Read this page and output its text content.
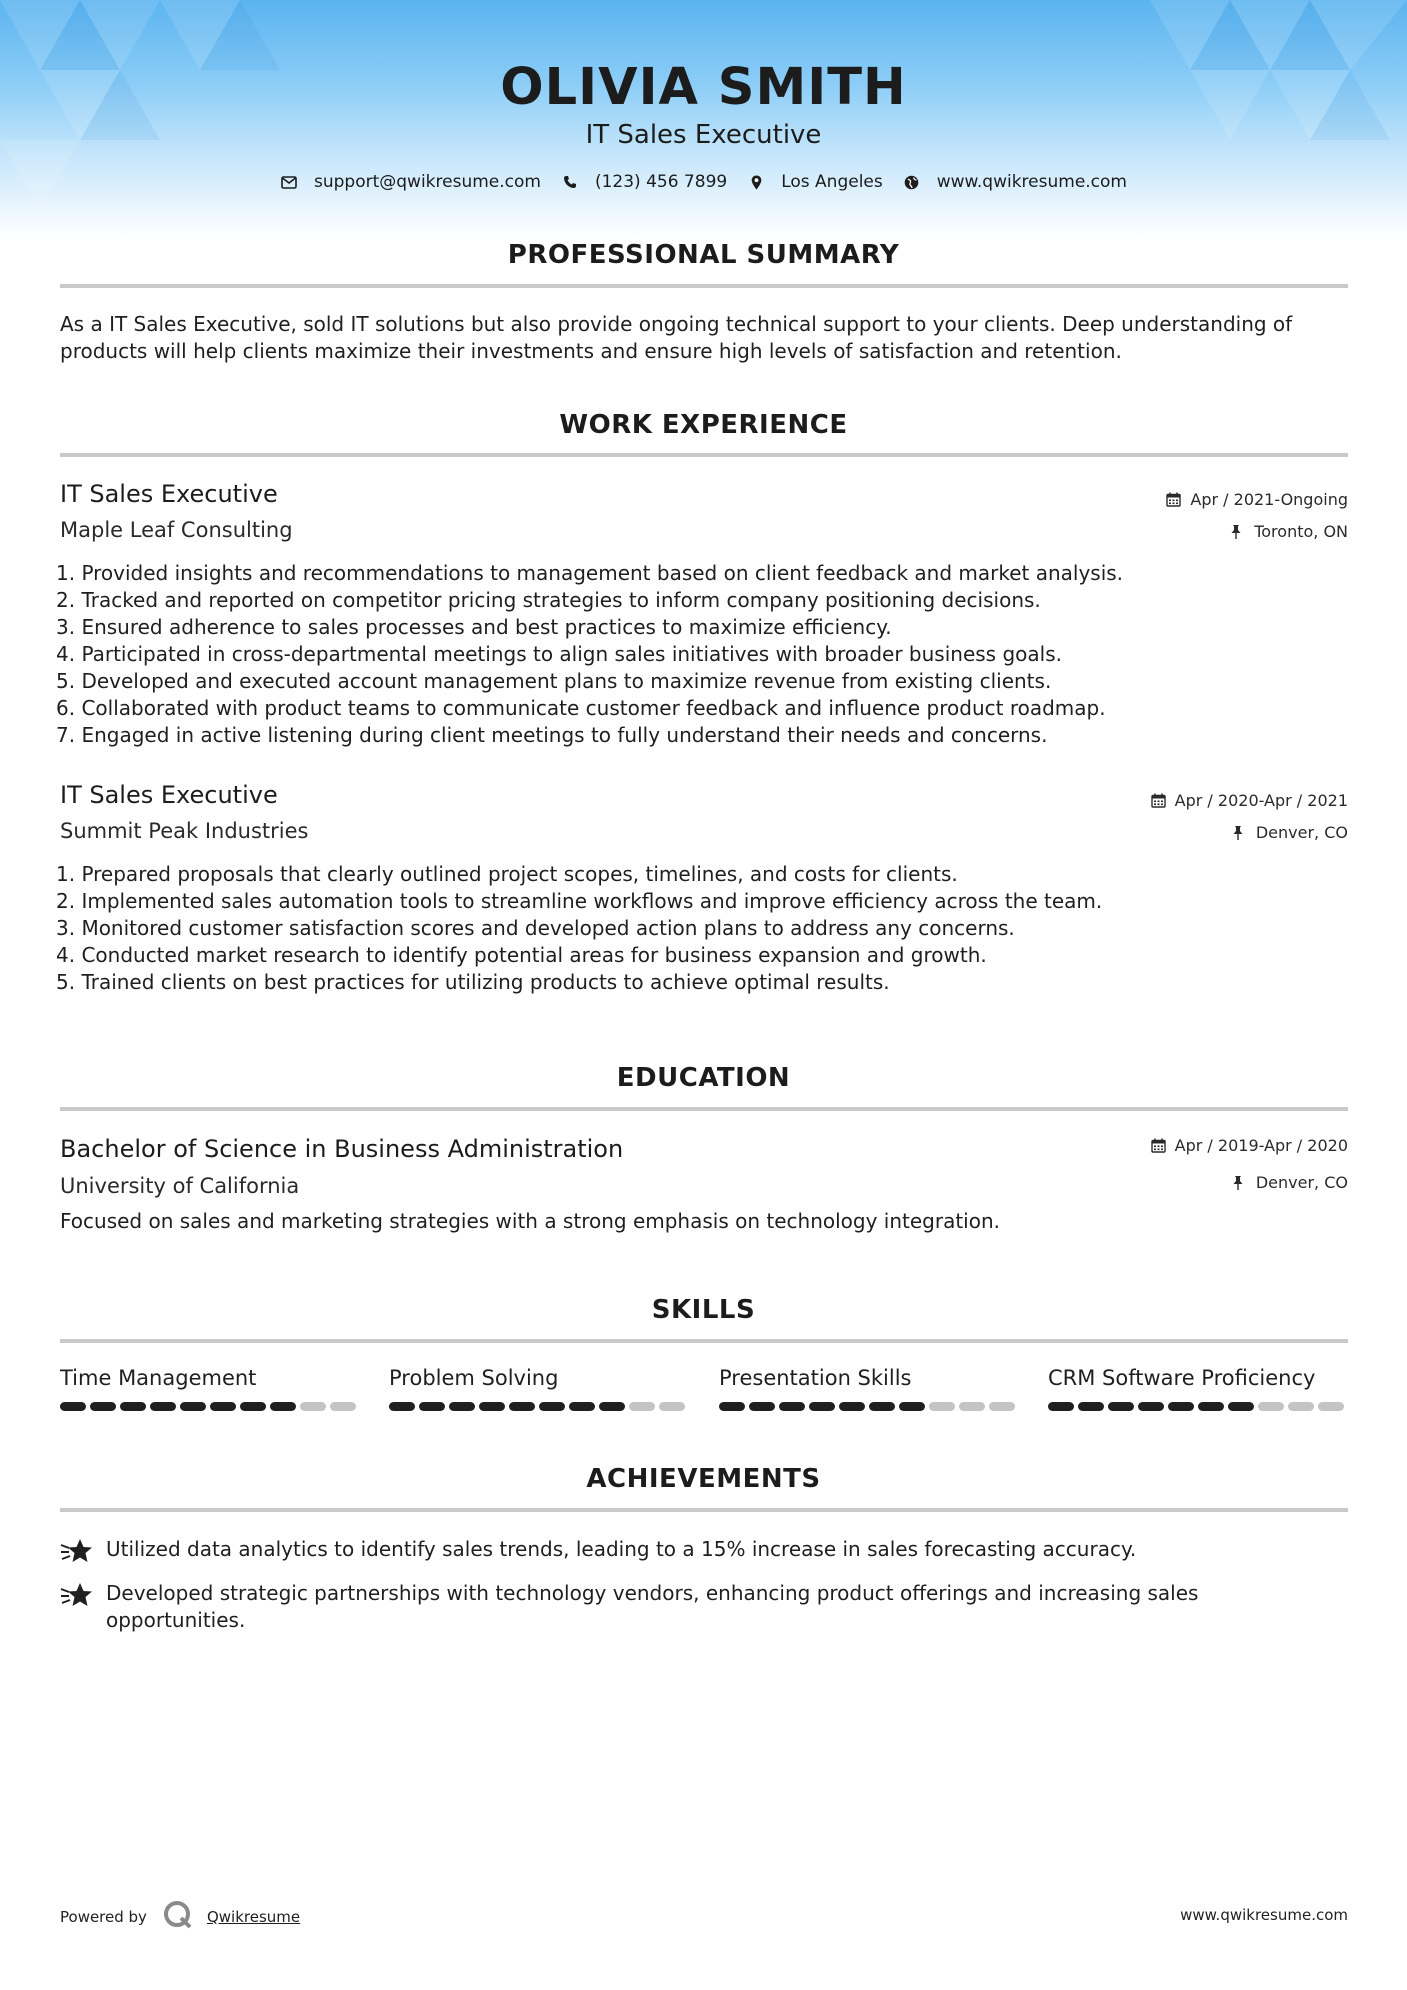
OLIVIA SMITH
IT Sales Executive
support@qwikresume.com	(123) 456 7899	Los Angeles	www.qwikresume.com
PROFESSIONAL SUMMARY
As a IT Sales Executive, sold IT solutions but also provide ongoing technical support to your clients. Deep understanding of
products will help clients maximize their investments and ensure high levels of satisfaction and retention.
WORK EXPERIENCE
IT Sales Executive	Apr / 2021-Ongoing
Maple Leaf Consulting	Toronto, ON
1. Provided insights and recommendations to management based on client feedback and market analysis.
2. Tracked and reported on competitor pricing strategies to inform company positioning decisions.
3. Ensured adherence to sales processes and best practices to maximize efficiency.
4. Participated in cross-departmental meetings to align sales initiatives with broader business goals.
5. Developed and executed account management plans to maximize revenue from existing clients.
6. Collaborated with product teams to communicate customer feedback and influence product roadmap.
7. Engaged in active listening during client meetings to fully understand their needs and concerns.
IT Sales Executive	Apr / 2020-Apr / 2021
Summit Peak Industries	Denver, CO
1. Prepared proposals that clearly outlined project scopes, timelines, and costs for clients.
2. Implemented sales automation tools to streamline workflows and improve efficiency across the team.
3. Monitored customer satisfaction scores and developed action plans to address any concerns.
4. Conducted market research to identify potential areas for business expansion and growth.
5. Trained clients on best practices for utilizing products to achieve optimal results.
EDUCATION
Bachelor of Science in Business Administration	Apr / 2019-Apr / 2020
University of California	Denver, CO
Focused on sales and marketing strategies with a strong emphasis on technology integration.
SKILLS
Time Management	Problem Solving	Presentation Skills	CRM Software Proficiency
ACHIEVEMENTS
Utilized data analytics to identify sales trends, leading to a 15% increase in sales forecasting accuracy.
Developed strategic partnerships with technology vendors, enhancing product offerings and increasing sales
opportunities.
Powered by	Qwikresume	www.qwikresume.com
